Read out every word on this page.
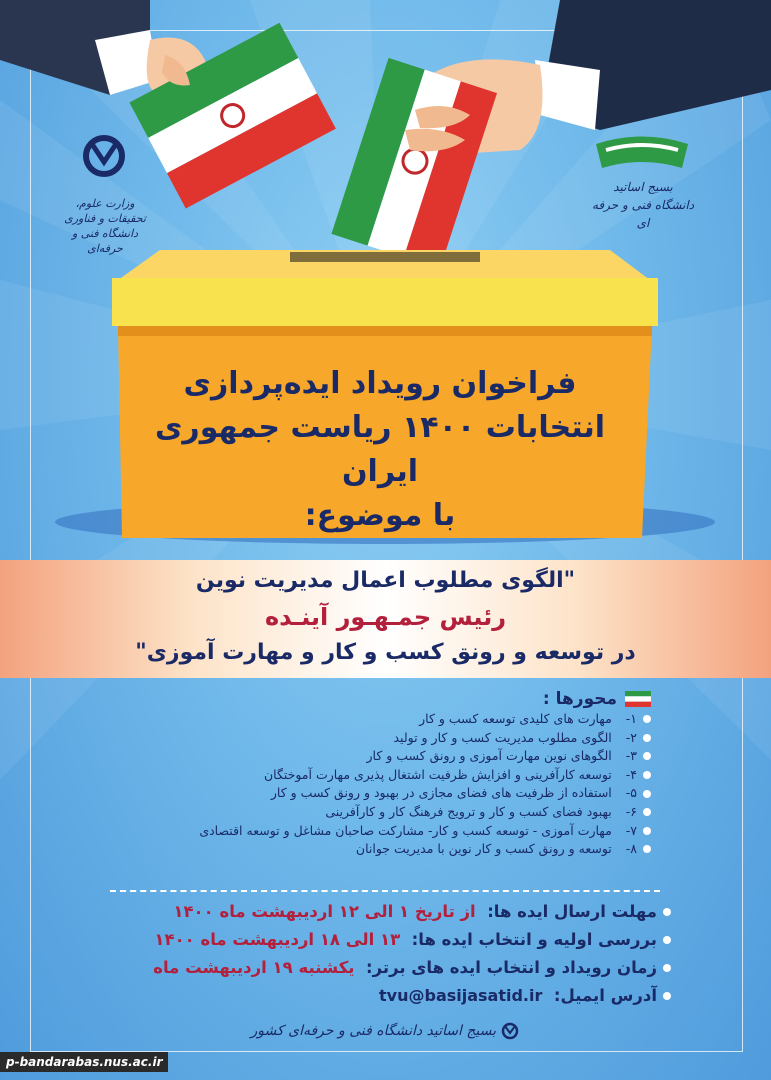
وزارت علوم، تحقیقات و فناوری
دانشگاه فنی و حرفه‌ای
بسیج اساتید
دانشگاه فنی و حرفه ای
فراخوان رویداد ایده‌پردازی
انتخابات ۱۴۰۰ ریاست جمهوری ایران
با موضوع:
"الگوی مطلوب اعمال مدیریت نوین
رئیس جمـهـور آینـده
در توسعه و رونق کسب و کار و مهارت آموزی"
محورها :
۱-
مهارت های کلیدی توسعه کسب و کار
۲-
الگوی مطلوب مدیریت کسب و کار و تولید
۳-
الگوهای نوین مهارت آموزی و رونق کسب و کار
۴-
توسعه کارآفرینی و افزایش ظرفیت اشتغال پذیری مهارت آموختگان
۵-
استفاده از ظرفیت های فضای مجازی در بهبود و رونق کسب و کار
۶-
بهبود فضای کسب و کار و ترویج فرهنگ کار و کارآفرینی
۷-
مهارت آموزی - توسعه کسب و کار- مشارکت صاحبان مشاغل و توسعه اقتصادی
۸-
توسعه و رونق کسب و کار نوین با مدیریت جوانان
مهلت ارسال ایده ها:

از تاریخ ۱ الی ۱۲ اردیبهشت ماه ۱۴۰۰
بررسی اولیه و انتخاب ایده ها:

۱۳ الی ۱۸ اردیبهشت ماه ۱۴۰۰
زمان رویداد و انتخاب ایده های برتر:

یکشنبه ۱۹ اردیبهشت ماه
آدرس ایمیل:

tvu@basijasatid.ir
بسیج اساتید دانشگاه فنی و حرفه‌ای کشور
p-bandarabas.nus.ac.ir
